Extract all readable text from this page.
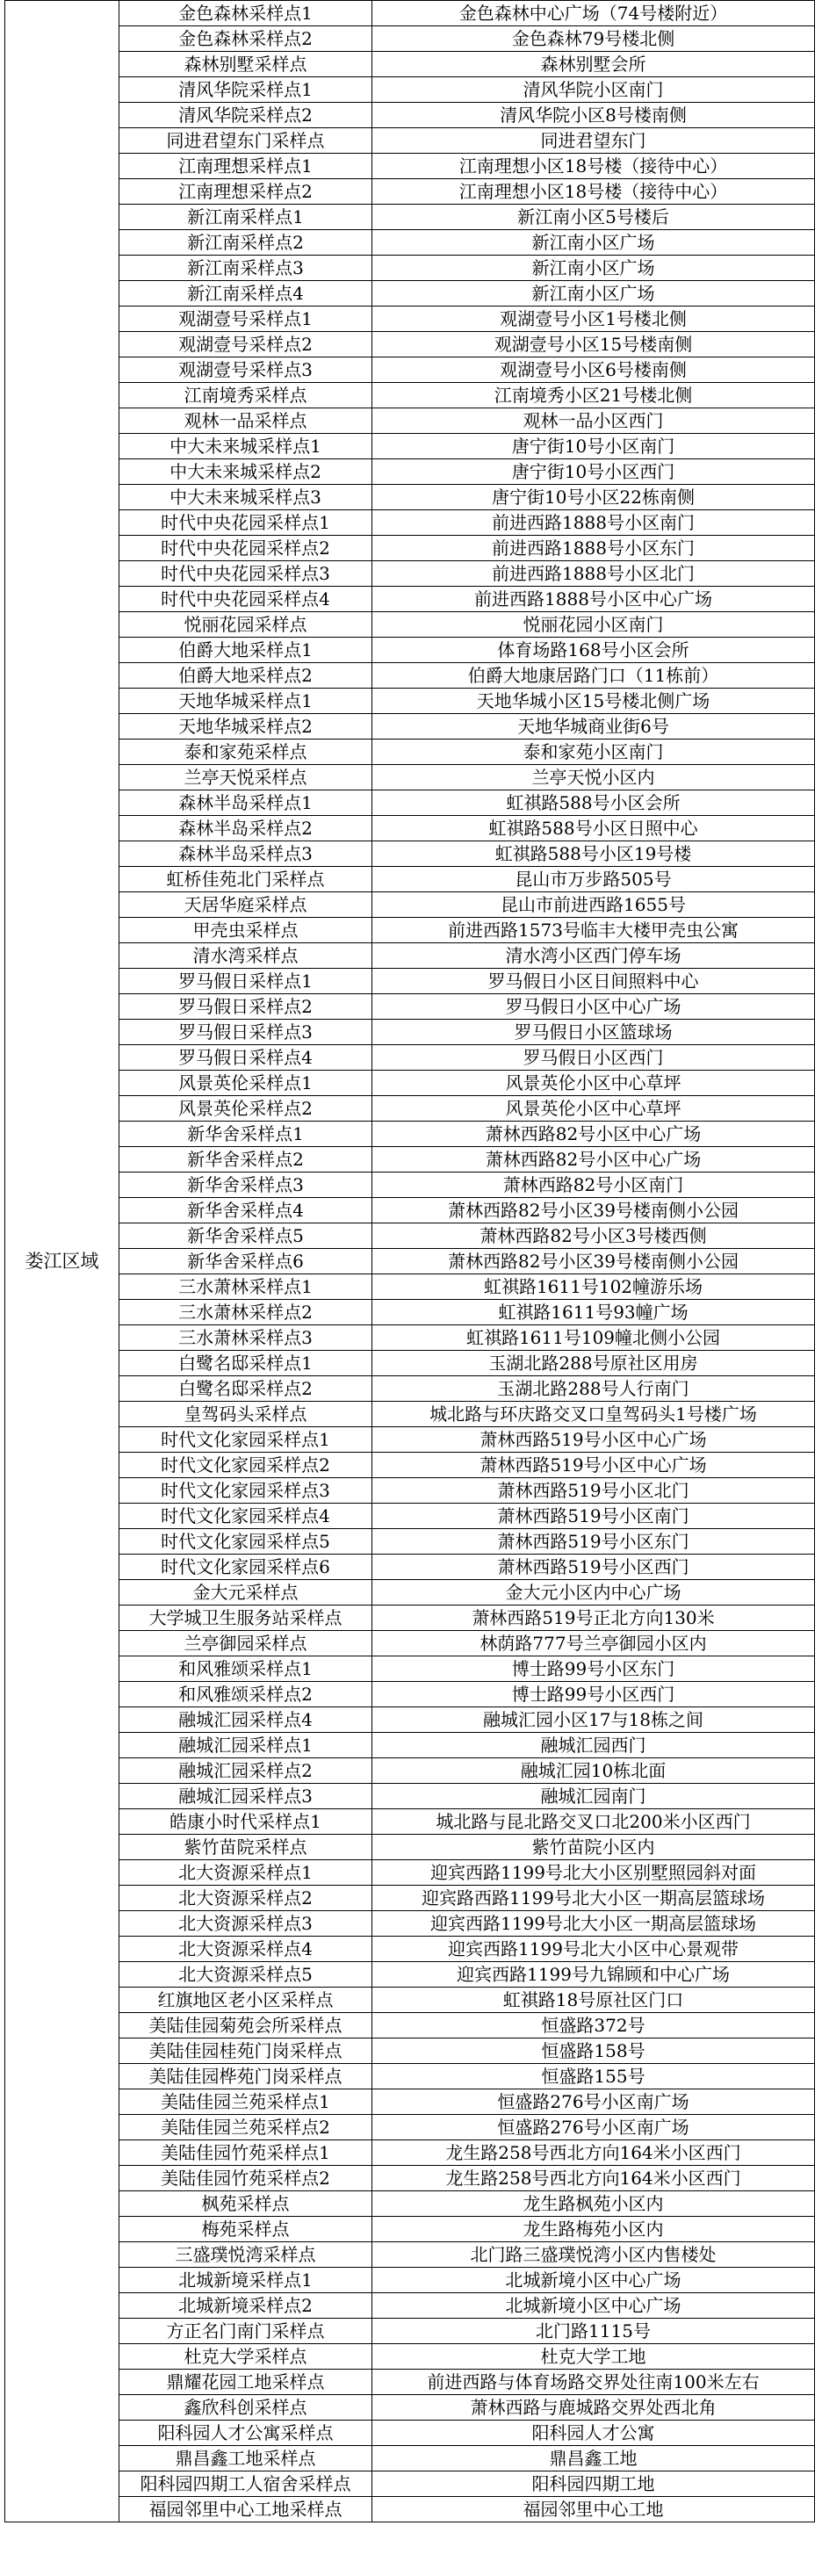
娄江区域	金色森林采样点1	金色森林中心广场（74号楼附近）
	金色森林采样点2	金色森林79号楼北侧
	森林别墅采样点	森林别墅会所
	清风华院采样点1	清风华院小区南门
	清风华院采样点2	清风华院小区8号楼南侧
	同进君望东门采样点	同进君望东门
	江南理想采样点1	江南理想小区18号楼（接待中心）
	江南理想采样点2	江南理想小区18号楼（接待中心）
	新江南采样点1	新江南小区5号楼后
	新江南采样点2	新江南小区广场
	新江南采样点3	新江南小区广场
	新江南采样点4	新江南小区广场
	观湖壹号采样点1	观湖壹号小区1号楼北侧
	观湖壹号采样点2	观湖壹号小区15号楼南侧
	观湖壹号采样点3	观湖壹号小区6号楼南侧
	江南境秀采样点	江南境秀小区21号楼北侧
	观林一品采样点	观林一品小区西门
	中大未来城采样点1	唐宁街10号小区南门
	中大未来城采样点2	唐宁街10号小区西门
	中大未来城采样点3	唐宁街10号小区22栋南侧
	时代中央花园采样点1	前进西路1888号小区南门
	时代中央花园采样点2	前进西路1888号小区东门
	时代中央花园采样点3	前进西路1888号小区北门
	时代中央花园采样点4	前进西路1888号小区中心广场
	悦丽花园采样点	悦丽花园小区南门
	伯爵大地采样点1	体育场路168号小区会所
	伯爵大地采样点2	伯爵大地康居路门口（11栋前）
	天地华城采样点1	天地华城小区15号楼北侧广场
	天地华城采样点2	天地华城商业街6号
	泰和家苑采样点	泰和家苑小区南门
	兰亭天悦采样点	兰亭天悦小区内
	森林半岛采样点1	虹祺路588号小区会所
	森林半岛采样点2	虹祺路588号小区日照中心
	森林半岛采样点3	虹祺路588号小区19号楼
	虹桥佳苑北门采样点	昆山市万步路505号
	天居华庭采样点	昆山市前进西路1655号
	甲壳虫采样点	前进西路1573号临丰大楼甲壳虫公寓
	清水湾采样点	清水湾小区西门停车场
	罗马假日采样点1	罗马假日小区日间照料中心
	罗马假日采样点2	罗马假日小区中心广场
	罗马假日采样点3	罗马假日小区篮球场
	罗马假日采样点4	罗马假日小区西门
	风景英伦采样点1	风景英伦小区中心草坪
	风景英伦采样点2	风景英伦小区中心草坪
	新华舍采样点1	萧林西路82号小区中心广场
	新华舍采样点2	萧林西路82号小区中心广场
	新华舍采样点3	萧林西路82号小区南门
	新华舍采样点4	萧林西路82号小区39号楼南侧小公园
	新华舍采样点5	萧林西路82号小区3号楼西侧
	新华舍采样点6	萧林西路82号小区39号楼南侧小公园
	三水萧林采样点1	虹祺路1611号102幢游乐场
	三水萧林采样点2	虹祺路1611号93幢广场
	三水萧林采样点3	虹祺路1611号109幢北侧小公园
	白鹭名邸采样点1	玉湖北路288号原社区用房
	白鹭名邸采样点2	玉湖北路288号人行南门
	皇驾码头采样点	城北路与环庆路交叉口皇驾码头1号楼广场
	时代文化家园采样点1	萧林西路519号小区中心广场
	时代文化家园采样点2	萧林西路519号小区中心广场
	时代文化家园采样点3	萧林西路519号小区北门
	时代文化家园采样点4	萧林西路519号小区南门
	时代文化家园采样点5	萧林西路519号小区东门
	时代文化家园采样点6	萧林西路519号小区西门
	金大元采样点	金大元小区内中心广场
	大学城卫生服务站采样点	萧林西路519号正北方向130米
	兰亭御园采样点	林荫路777号兰亭御园小区内
	和风雅颂采样点1	博士路99号小区东门
	和风雅颂采样点2	博士路99号小区西门
	融城汇园采样点4	融城汇园小区17与18栋之间
	融城汇园采样点1	融城汇园西门
	融城汇园采样点2	融城汇园10栋北面
	融城汇园采样点3	融城汇园南门
	皓康小时代采样点1	城北路与昆北路交叉口北200米小区西门
	紫竹苗院采样点	紫竹苗院小区内
	北大资源采样点1	迎宾西路1199号北大小区别墅照园斜对面
	北大资源采样点2	迎宾路西路1199号北大小区一期高层篮球场
	北大资源采样点3	迎宾西路1199号北大小区一期高层篮球场
	北大资源采样点4	迎宾西路1199号北大小区中心景观带
	北大资源采样点5	迎宾西路1199号九锦顾和中心广场
	红旗地区老小区采样点	虹祺路18号原社区门口
	美陆佳园菊苑会所采样点	恒盛路372号
	美陆佳园桂苑门岗采样点	恒盛路158号
	美陆佳园桦苑门岗采样点	恒盛路155号
	美陆佳园兰苑采样点1	恒盛路276号小区南广场
	美陆佳园兰苑采样点2	恒盛路276号小区南广场
	美陆佳园竹苑采样点1	龙生路258号西北方向164米小区西门
	美陆佳园竹苑采样点2	龙生路258号西北方向164米小区西门
	枫苑采样点	龙生路枫苑小区内
	梅苑采样点	龙生路梅苑小区内
	三盛璞悦湾采样点	北门路三盛璞悦湾小区内售楼处
	北城新境采样点1	北城新境小区中心广场
	北城新境采样点2	北城新境小区中心广场
	方正名门南门采样点	北门路1115号
	杜克大学采样点	杜克大学工地
	鼎耀花园工地采样点	前进西路与体育场路交界处往南100米左右
	鑫欣科创采样点	萧林西路与鹿城路交界处西北角
	阳科园人才公寓采样点	阳科园人才公寓
	鼎昌鑫工地采样点	鼎昌鑫工地
	阳科园四期工人宿舍采样点	阳科园四期工地
	福园邻里中心工地采样点	福园邻里中心工地
